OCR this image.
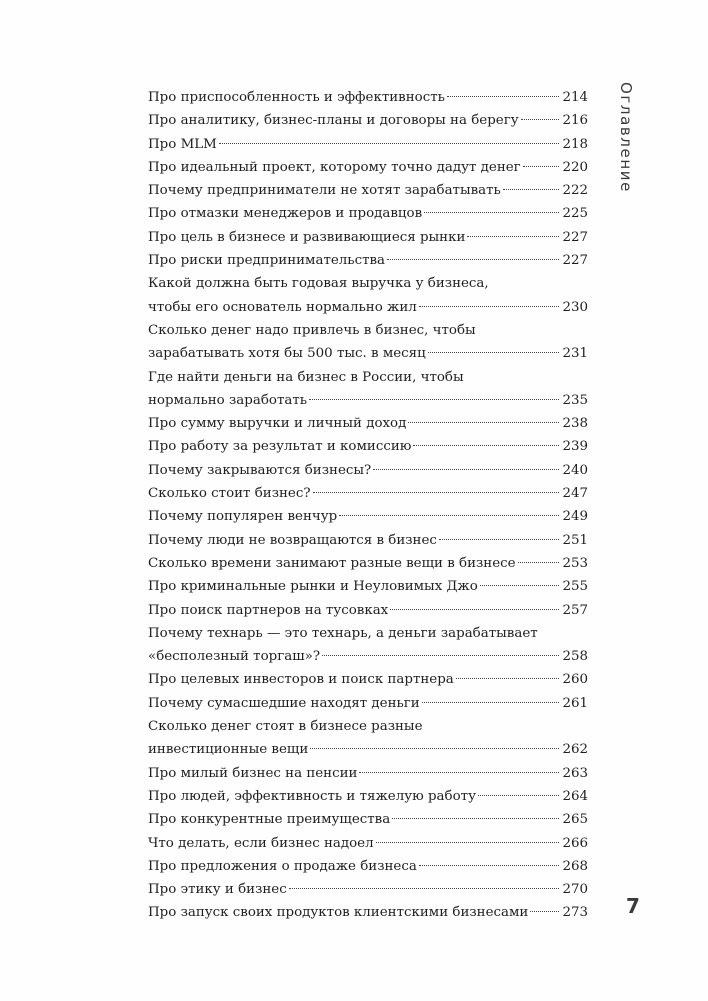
Про приспособленность и эффективность	214
Про аналитику, бизнес-планы и договоры на берегу	216
Про MLM	218
Про идеальный проект, которому точно дадут денег	220
Почему предприниматели не хотят зарабатывать	222
Про отмазки менеджеров и продавцов	225
Про цель в бизнесе и развивающиеся рынки	227
Про риски предпринимательства	227
Какой должна быть годовая выручка у бизнеса,
чтобы его основатель нормально жил	230
Сколько денег надо привлечь в бизнес, чтобы
зарабатывать хотя бы 500 тыс. в месяц	231
Где найти деньги на бизнес в России, чтобы
нормально заработать	235
Про сумму выручки и личный доход	238
Про работу за результат и комиссию	239
Почему закрываются бизнесы?	240
Сколько стоит бизнес?	247
Почему популярен венчур	249
Почему люди не возвращаются в бизнес	251
Сколько времени занимают разные вещи в бизнесе	253
Про криминальные рынки и Неуловимых Джо	255
Про поиск партнеров на тусовках	257
Почему технарь — это технарь, а деньги зарабатывает
«бесполезный торгаш»?	258
Про целевых инвесторов и поиск партнера	260
Почему сумасшедшие находят деньги	261
Сколько денег стоят в бизнесе разные
инвестиционные вещи	262
Про милый бизнес на пенсии	263
Про людей, эффективность и тяжелую работу	264
Про конкурентные преимущества	265
Что делать, если бизнес надоел	266
Про предложения о продаже бизнеса	268
Про этику и бизнес	270
Про запуск своих продуктов клиентскими бизнесами	273
Оглавление
7
